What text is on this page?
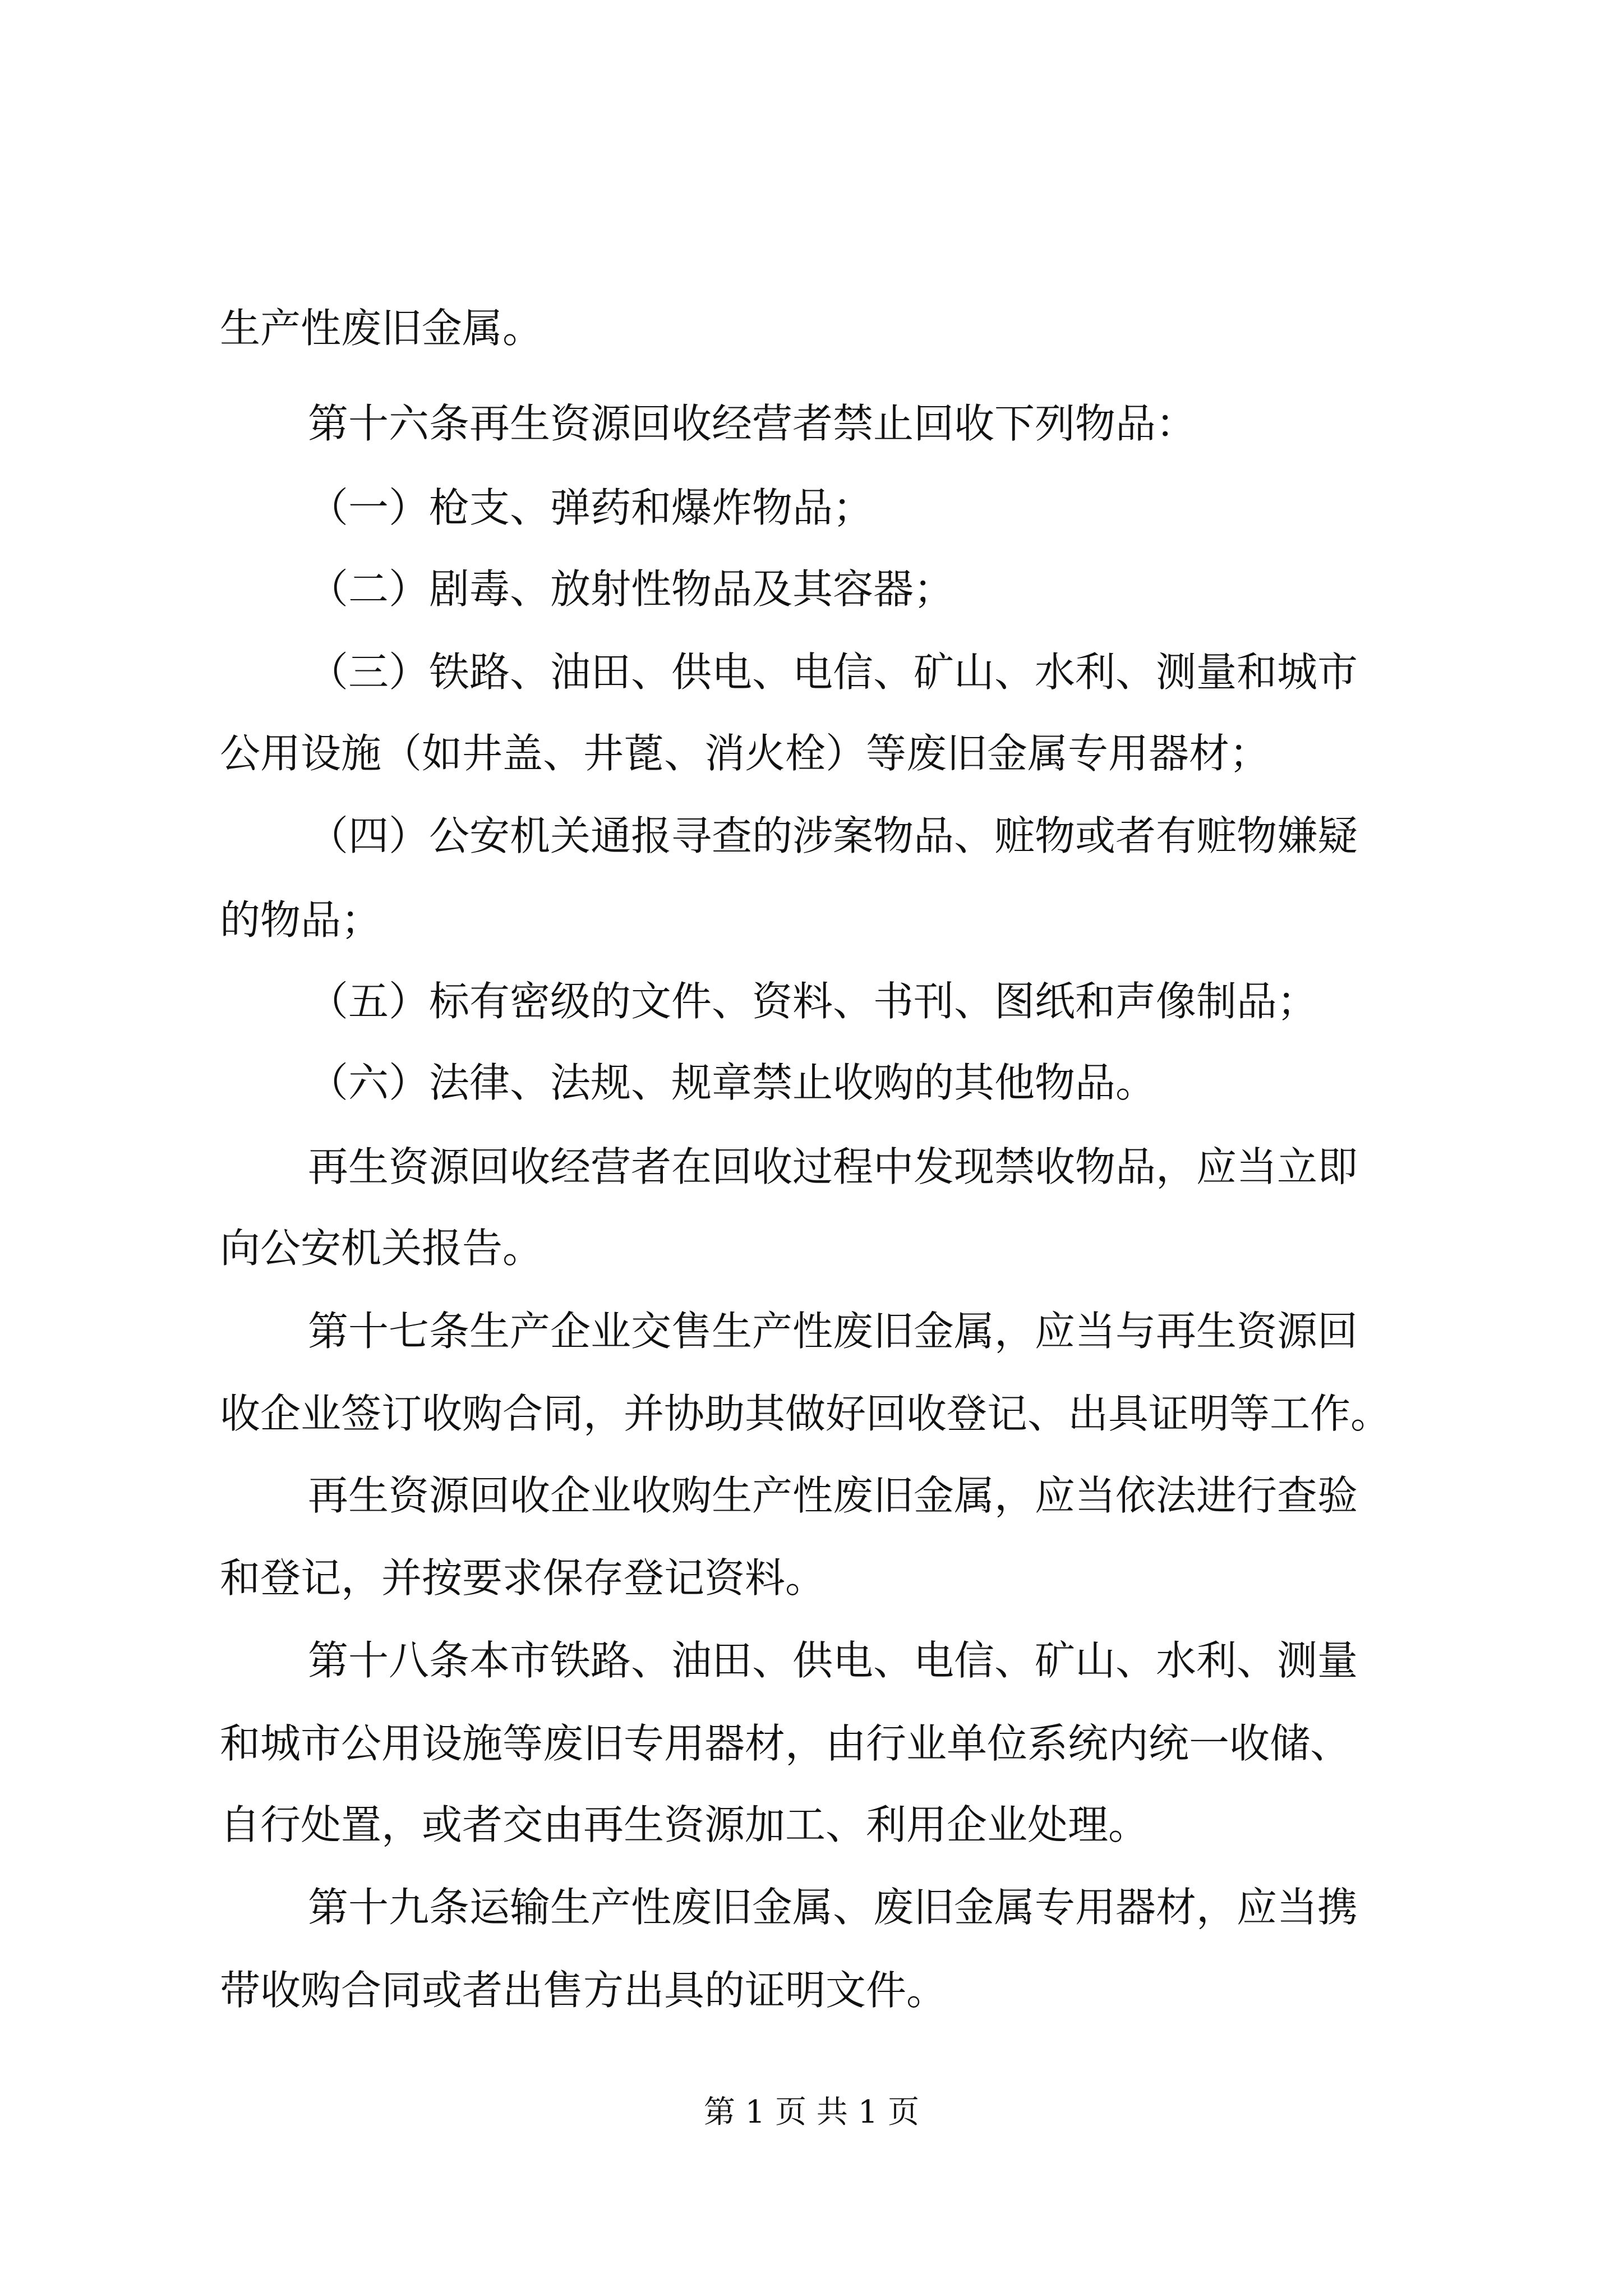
生产性废旧金属。
第十六条再生资源回收经营者禁止回收下列物品：
（一）枪支、弹药和爆炸物品；
（二）剧毒、放射性物品及其容器；
（三）铁路、油田、供电、电信、矿山、水利、测量和城市
公用设施（如井盖、井蓖、消火栓）等废旧金属专用器材；
（四）公安机关通报寻查的涉案物品、赃物或者有赃物嫌疑
的物品；
（五）标有密级的文件、资料、书刊、图纸和声像制品；
（六）法律、法规、规章禁止收购的其他物品。
再生资源回收经营者在回收过程中发现禁收物品，应当立即
向公安机关报告。
第十七条生产企业交售生产性废旧金属，应当与再生资源回
收企业签订收购合同，并协助其做好回收登记、出具证明等工作。
再生资源回收企业收购生产性废旧金属，应当依法进行查验
和登记，并按要求保存登记资料。
第十八条本市铁路、油田、供电、电信、矿山、水利、测量
和城市公用设施等废旧专用器材，由行业单位系统内统一收储、
自行处置，或者交由再生资源加工、利用企业处理。
第十九条运输生产性废旧金属、废旧金属专用器材，应当携
带收购合同或者出售方出具的证明文件。
第 1 页 共 1 页
